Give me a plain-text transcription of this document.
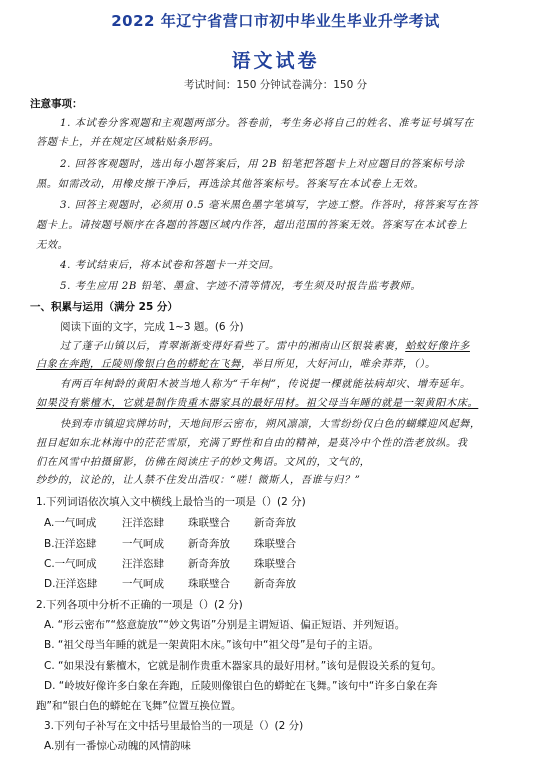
2022 年辽宁省营口市初中毕业生毕业升学考试
语文试卷
考试时间：150 分钟试卷满分：150 分
注意事项：
1. 本试卷分客观题和主观题两部分。答卷前，考生务必将自己的姓名、准考证号填写在
答题卡上，并在规定区域粘贴条形码。
2. 回答客观题时，选出每小题答案后，用 2B 铅笔把答题卡上对应题目的答案标号涂
黑。如需改动，用橡皮擦干净后，再选涂其他答案标号。答案写在本试卷上无效。
3. 回答主观题时，必须用 0.5 毫米黑色墨字笔填写，字迹工整。作答时，将答案写在答
题卡上。请按题号顺序在各题的答题区域内作答，超出范围的答案无效。答案写在本试卷上
无效。
4. 考试结束后，将本试卷和答题卡一并交回。
5. 考生应用 2B 铅笔、墨盒、字迹不清等情况，考生须及时报告监考教师。
一、积累与运用（满分 25 分）
阅读下面的文字，完成 1~3 题。(6 分)
过了蓬子山镇以后，青翠渐渐变得好看些了。雷中的湘南山区银装素裹，蛤蚊好像许多
白象在奔跑，丘陵则像银白色的蟒蛇在飞舞，举目所见，大好河山，唯余莽莽，（）。
有两百年树龄的黄阳木被当地人称为“千年树”，传说提一棵就能祛病却灾、增寿延年。
如果没有紫檀木，它就是制作贵重木器家具的最好用材。祖父母当年睡的就是一架黄阳木床。
快到寿市镇迎宾牌坊时，天地间形云密布，朔风凛凛，大雪纷纷仅白色的蝴蝶迎风起舞，
扭目起如东北林海中的茫茫雪原，充满了野性和自由的精神，是莫冷中个性的浩老放纵。我
们在风雪中拍摄留影，仿佛在阅读庄子的妙文隽语。文风的，文气的，
纱纱的，议论的，让人禁不住发出浩叹：“嗟！微斯人，吾谁与归？”
1.下列词语依次填入文中横线上最恰当的一项是（）(2 分)
A.一气呵成 汪洋恣肆 珠联璧合 新奇奔放
B.汪洋恣肆 一气呵成 新奇奔放 珠联璧合
C.一气呵成 汪洋恣肆 新奇奔放 珠联璧合
D.汪洋恣肆 一气呵成 珠联璧合 新奇奔放
2.下列各项中分析不正确的一项是（）(2 分)
A. “形云密布”“悠意旋放”“妙文隽语”分别是主谓短语、偏正短语、并列短语。
B. “祖父母当年睡的就是一架黄阳木床。”该句中“祖父母”是句子的主语。
C. “如果没有紫檀木，它就是制作贵重木器家具的最好用材。”该句是假设关系的复句。
D. “岭坡好像许多白象在奔跑，丘陵则像银白色的蟒蛇在飞舞。”该句中“许多白象在奔
跑”和“银白色的蟒蛇在飞舞”位置互换位置。
3.下列句子补写在文中括号里最恰当的一项是（）(2 分)
A.别有一番惊心动魄的风情韵味
